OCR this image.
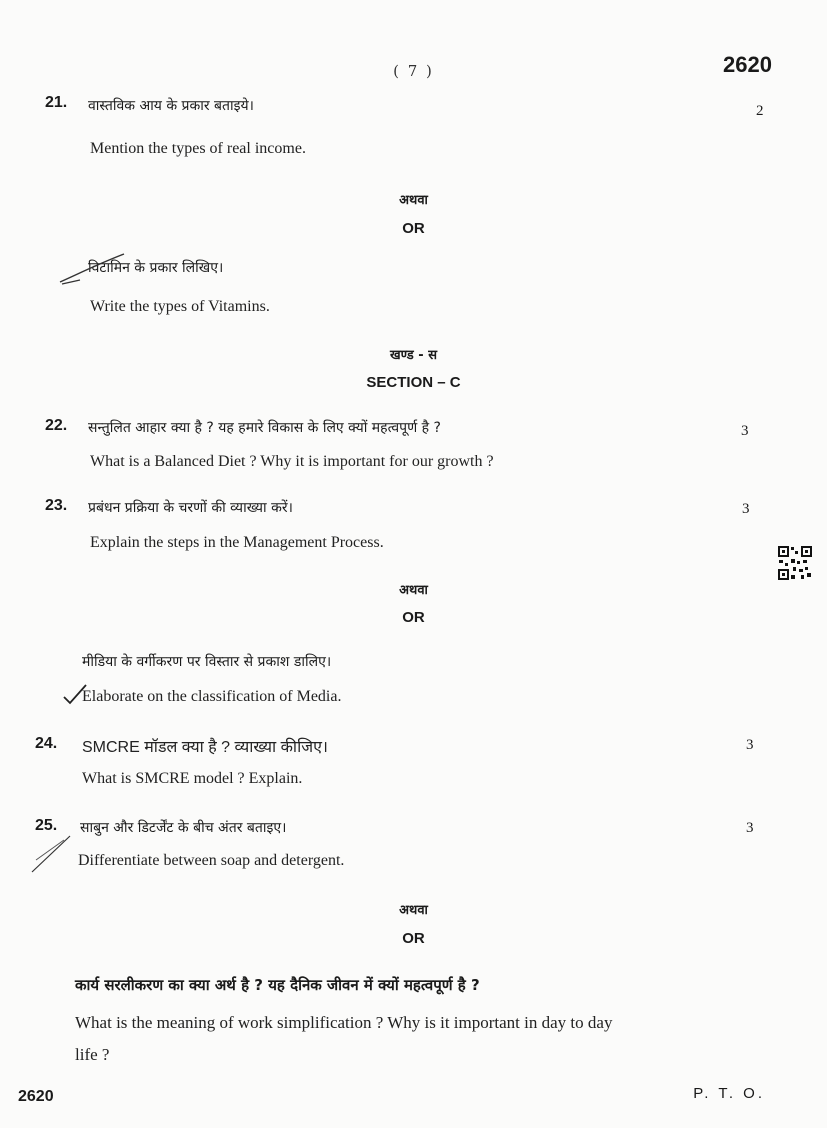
( 7 )	2620
21. वास्तविक आय के प्रकार बताइये।	2
Mention the types of real income.
अथवा
OR
विटामिन के प्रकार लिखिए।
Write the types of Vitamins.
खण्ड - स
SECTION – C
22. सन्तुलित आहार क्या है ? यह हमारे विकास के लिए क्यों महत्वपूर्ण है ?	3
What is a Balanced Diet ? Why it is important for our growth ?
23. प्रबंधन प्रक्रिया के चरणों की व्याख्या करें।	3
Explain the steps in the Management Process.
अथवा
OR
मीडिया के वर्गीकरण पर विस्तार से प्रकाश डालिए।
Elaborate on the classification of Media.
24. SMCRE मॉडल क्या है ? व्याख्या कीजिए।	3
What is SMCRE model ? Explain.
25. साबुन और डिटर्जेंट के बीच अंतर बताइए।	3
Differentiate between soap and detergent.
अथवा
OR
कार्य सरलीकरण का क्या अर्थ है ? यह दैनिक जीवन में क्यों महत्वपूर्ण है ?
What is the meaning of work simplification ? Why is it important in day to day
life ?
2620	P. T. O.
